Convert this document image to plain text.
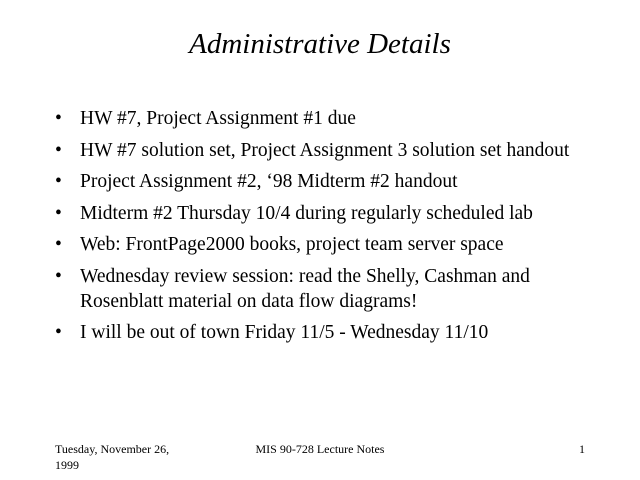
Administrative Details
• HW #7, Project Assignment #1 due
• HW #7 solution set, Project Assignment 3 solution set handout
• Project Assignment #2, ‘98 Midterm #2 handout
• Midterm #2 Thursday 10/4 during regularly scheduled lab
• Web: FrontPage2000 books, project team server space
• Wednesday review session: read the Shelly, Cashman and Rosenblatt material on data flow diagrams!
• I will be out of town Friday 11/5 - Wednesday 11/10
Tuesday, November 26, 1999
MIS 90-728 Lecture Notes	1
